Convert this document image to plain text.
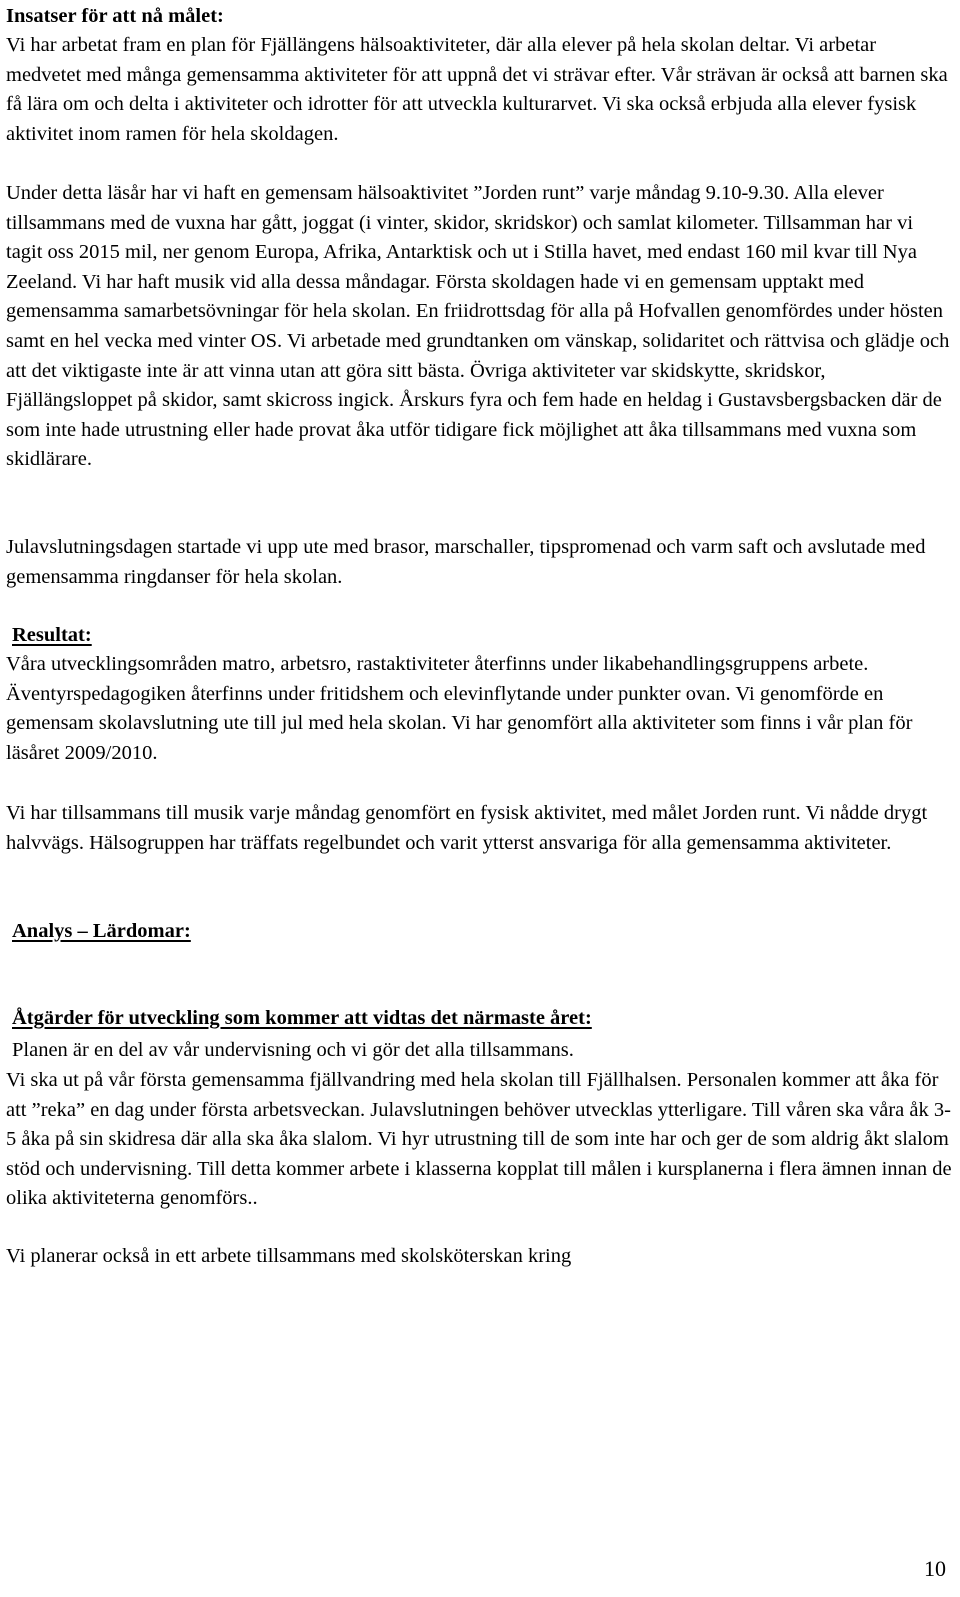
Insatser för att nå målet:

Vi har arbetat fram en plan för Fjällängens hälsoaktiviteter, där alla elever på hela skolan deltar. Vi arbetar medvetet med många gemensamma aktiviteter för att uppnå det vi strävar efter. Vår strävan är också att barnen ska få lära om och delta i aktiviteter och idrotter för att utveckla kulturarvet. Vi ska också erbjuda alla elever fysisk aktivitet inom ramen för hela skoldagen.

Under detta läsår har vi haft en gemensam hälsoaktivitet ”Jorden runt” varje måndag 9.10-9.30. Alla elever tillsammans med de vuxna har gått, joggat (i vinter, skidor, skridskor) och samlat kilometer. Tillsamman har vi tagit oss 2015 mil, ner genom Europa, Afrika, Antarktisk och ut i Stilla havet, med endast 160 mil kvar till Nya Zeeland. Vi har haft musik vid alla dessa måndagar. Första skoldagen hade vi en gemensam upptakt med gemensamma samarbetsövningar för hela skolan. En friidrottsdag för alla på Hofvallen genomfördes under hösten samt en hel vecka med vinter OS. Vi arbetade med grundtanken om vänskap, solidaritet och rättvisa och glädje och att det viktigaste inte är att vinna utan att göra sitt bästa. Övriga aktiviteter var skidskytte, skridskor, Fjällängsloppet på skidor, samt skicross ingick. Årskurs fyra och fem hade en heldag i Gustavsbergsbacken där de som inte hade utrustning eller hade provat åka utför tidigare fick möjlighet att åka tillsammans med vuxna som skidlärare.

Julavslutningsdagen startade vi upp ute med brasor, marschaller, tipspromenad och varm saft och avslutade med gemensamma ringdanser för hela skolan.

Resultat:

Våra utvecklingsområden matro, arbetsro, rastaktiviteter återfinns under likabehandlingsgruppens arbete. Äventyrspedagogiken återfinns under fritidshem och elevinflytande under punkter ovan. Vi genomförde en gemensam skolavslutning ute till jul med hela skolan. Vi har genomfört alla aktiviteter som finns i vår plan för läsåret 2009/2010.

Vi har tillsammans till musik varje måndag genomfört en fysisk aktivitet, med målet Jorden runt. Vi nådde drygt halvvägs. Hälsogruppen har träffats regelbundet och varit ytterst ansvariga för alla gemensamma aktiviteter.

Analys – Lärdomar:
Åtgärder för utveckling som kommer att vidtas det närmaste året:

Planen är en del av vår undervisning och vi gör det alla tillsammans.

Vi ska ut på vår första gemensamma fjällvandring med hela skolan till Fjällhalsen. Personalen kommer att åka för att ”reka” en dag under första arbetsveckan. Julavslutningen behöver utvecklas ytterligare. Till våren ska våra åk 3-5 åka på sin skidresa där alla ska åka slalom. Vi hyr utrustning till de som inte har och ger de som aldrig åkt slalom stöd och undervisning. Till detta kommer arbete i klasserna kopplat till målen i kursplanerna i flera ämnen innan de olika aktiviteterna genomförs..

Vi planerar också in ett arbete tillsammans med skolsköterskan kring

10
